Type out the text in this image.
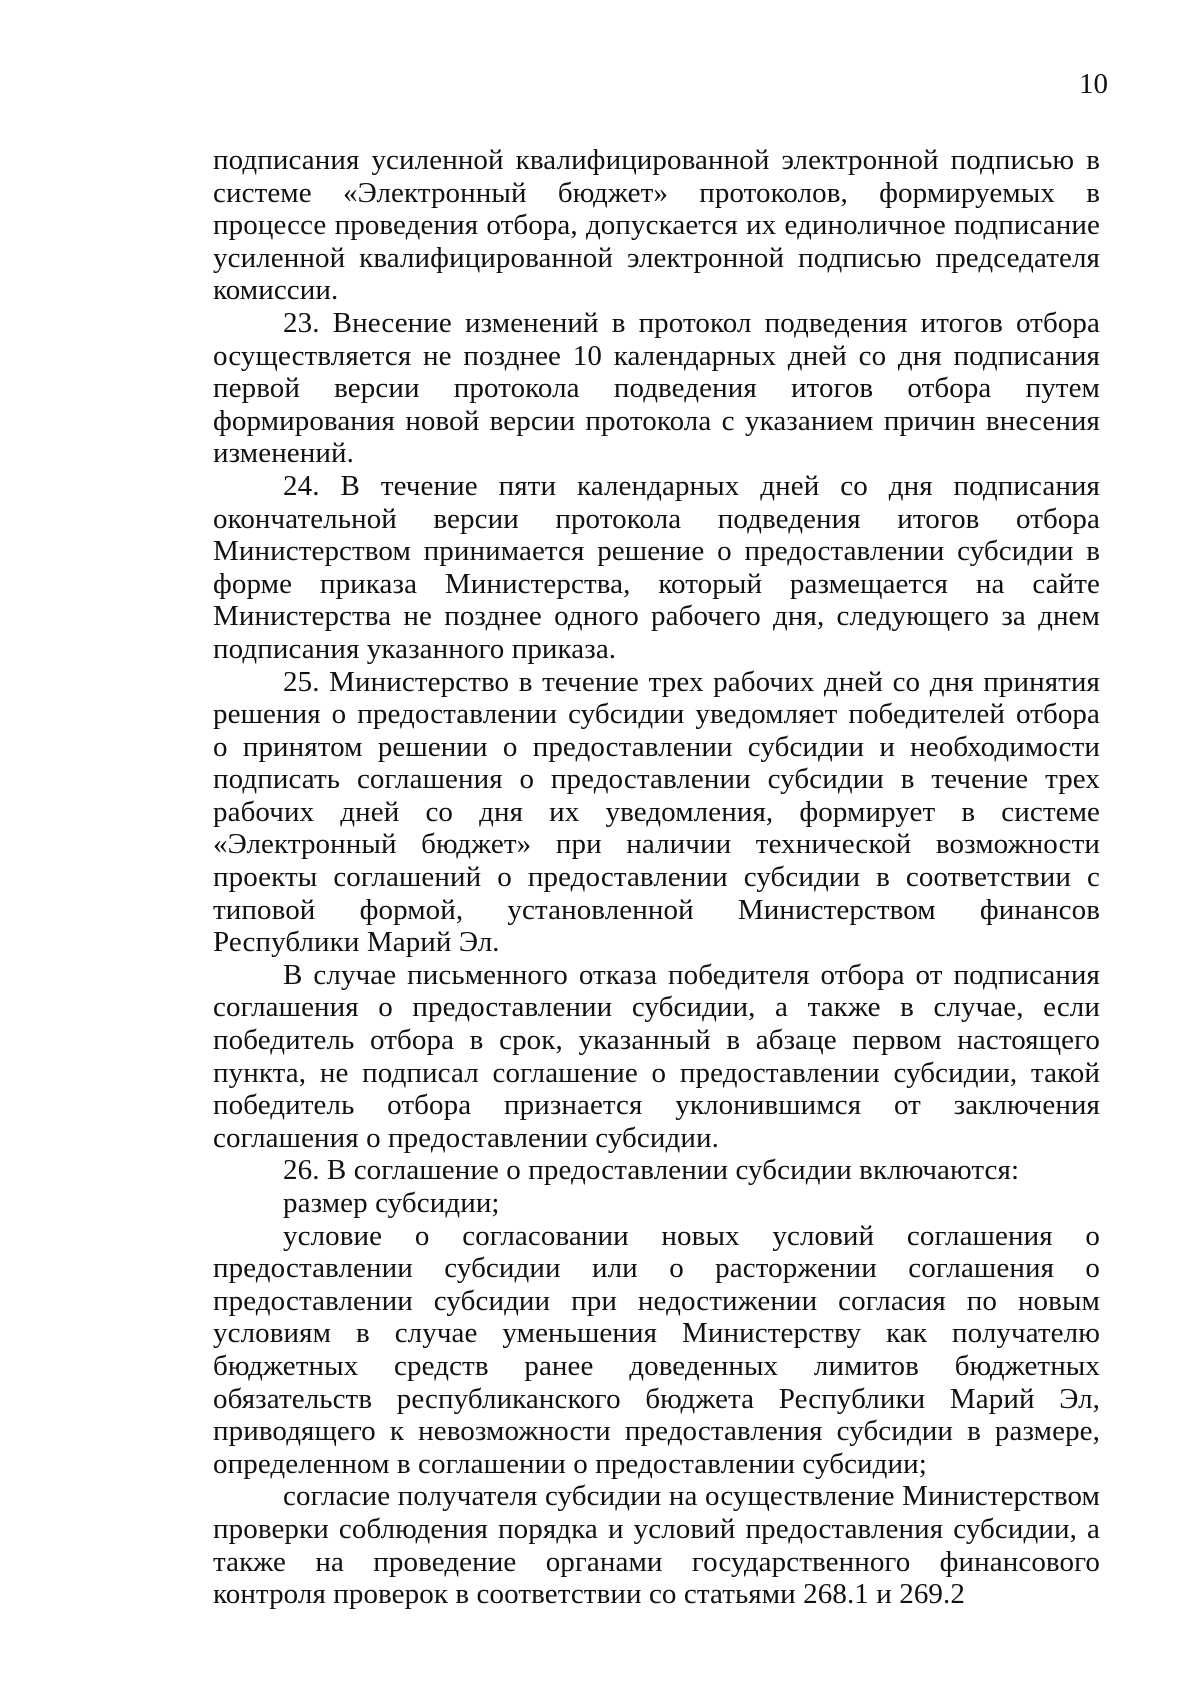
10

подписания усиленной квалифицированной электронной подписью в системе «Электронный бюджет» протоколов, формируемых в процессе проведения отбора, допускается их единоличное подписание усиленной квалифицированной электронной подписью председателя комиссии.

23. Внесение изменений в протокол подведения итогов отбора осуществляется не позднее 10 календарных дней со дня подписания первой версии протокола подведения итогов отбора путем формирования новой версии протокола с указанием причин внесения изменений.

24. В течение пяти календарных дней со дня подписания окончательной версии протокола подведения итогов отбора Министерством принимается решение о предоставлении субсидии в форме приказа Министерства, который размещается на сайте Министерства не позднее одного рабочего дня, следующего за днем подписания указанного приказа.

25. Министерство в течение трех рабочих дней со дня принятия решения о предоставлении субсидии уведомляет победителей отбора о принятом решении о предоставлении субсидии и необходимости подписать соглашения о предоставлении субсидии в течение трех рабочих дней со дня их уведомления, формирует в системе «Электронный бюджет» при наличии технической возможности проекты соглашений о предоставлении субсидии в соответствии с типовой формой, установленной Министерством финансов Республики Марий Эл.

В случае письменного отказа победителя отбора от подписания соглашения о предоставлении субсидии, а также в случае, если победитель отбора в срок, указанный в абзаце первом настоящего пункта, не подписал соглашение о предоставлении субсидии, такой победитель отбора признается уклонившимся от заключения соглашения о предоставлении субсидии.

26. В соглашение о предоставлении субсидии включаются:

размер субсидии;

условие о согласовании новых условий соглашения о предоставлении субсидии или о расторжении соглашения о предоставлении субсидии при недостижении согласия по новым условиям в случае уменьшения Министерству как получателю бюджетных средств ранее доведенных лимитов бюджетных обязательств республиканского бюджета Республики Марий Эл, приводящего к невозможности предоставления субсидии в размере, определенном в соглашении о предоставлении субсидии;

согласие получателя субсидии на осуществление Министерством проверки соблюдения порядка и условий предоставления субсидии, а также на проведение органами государственного финансового контроля проверок в соответствии со статьями 268.1 и 269.2
